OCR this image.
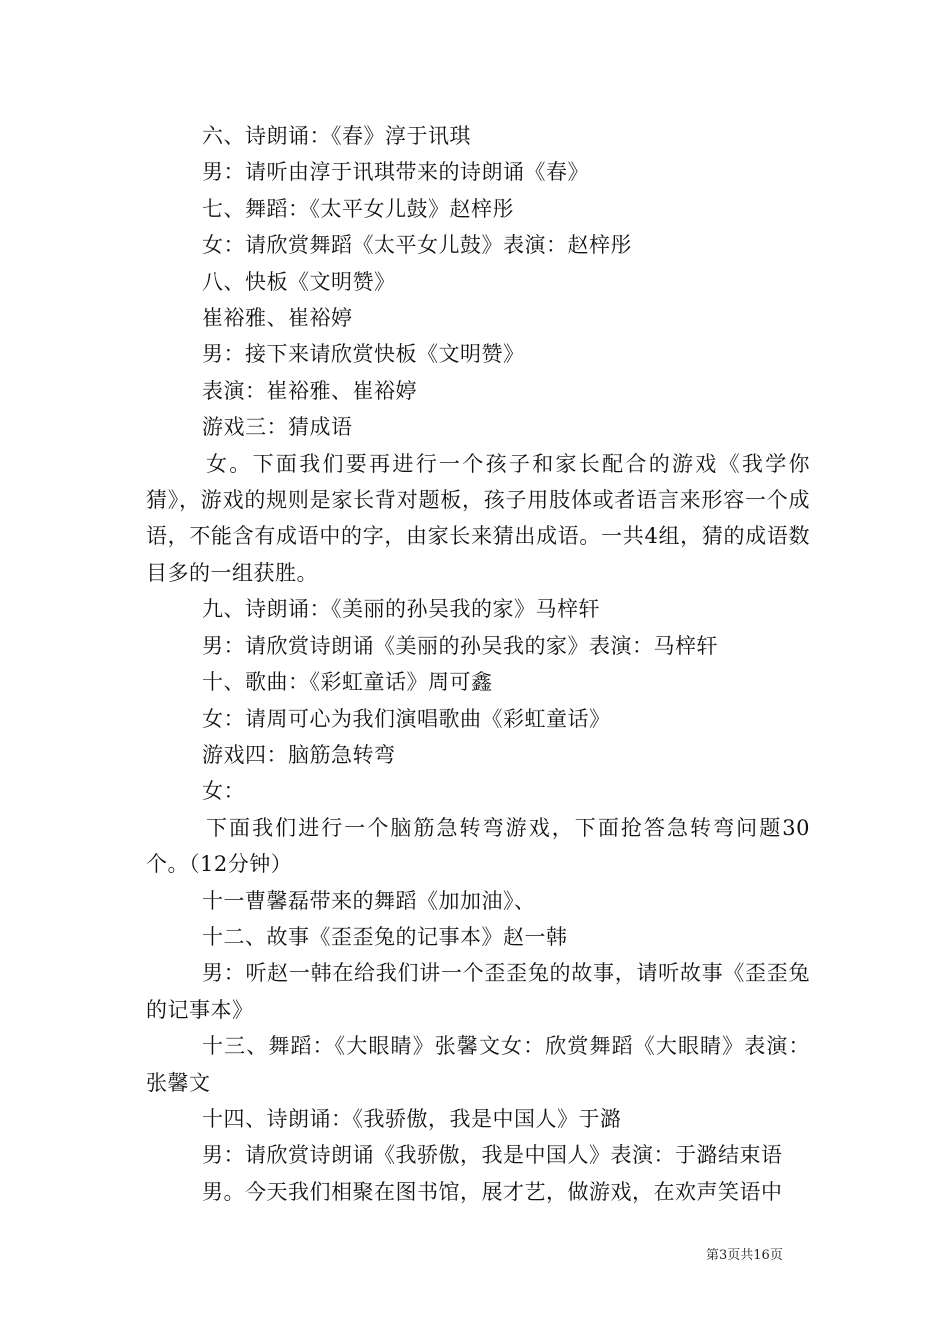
六、诗朗诵：《春》淳于讯琪

男：请听由淳于讯琪带来的诗朗诵《春》

七、舞蹈：《太平女儿鼓》赵梓彤

女：请欣赏舞蹈《太平女儿鼓》表演：赵梓彤

八、快板《文明赞》

崔裕雅、崔裕婷

男：接下来请欣赏快板《文明赞》

表演：崔裕雅、崔裕婷

游戏三：猜成语

女。下面我们要再进行一个孩子和家长配合的游戏《我学你猜》，游戏的规则是家长背对题板，孩子用肢体或者语言来形容一个成语，不能含有成语中的字，由家长来猜出成语。一共4组，猜的成语数目多的一组获胜。

九、诗朗诵：《美丽的孙吴我的家》马梓轩

男：请欣赏诗朗诵《美丽的孙吴我的家》表演：马梓轩

十、歌曲：《彩虹童话》周可鑫

女：请周可心为我们演唱歌曲《彩虹童话》

游戏四：脑筋急转弯

女：

下面我们进行一个脑筋急转弯游戏，下面抢答急转弯问题30个。（12分钟）

十一曹馨磊带来的舞蹈《加加油》、

十二、故事《歪歪兔的记事本》赵一韩

男：听赵一韩在给我们讲一个歪歪兔的故事，请听故事《歪歪兔的记事本》

十三、舞蹈：《大眼睛》张馨文女：欣赏舞蹈《大眼睛》表演：张馨文

十四、诗朗诵：《我骄傲，我是中国人》于潞

男：请欣赏诗朗诵《我骄傲，我是中国人》表演：于潞结束语

男。今天我们相聚在图书馆，展才艺，做游戏，在欢声笑语中

第3页共16页
